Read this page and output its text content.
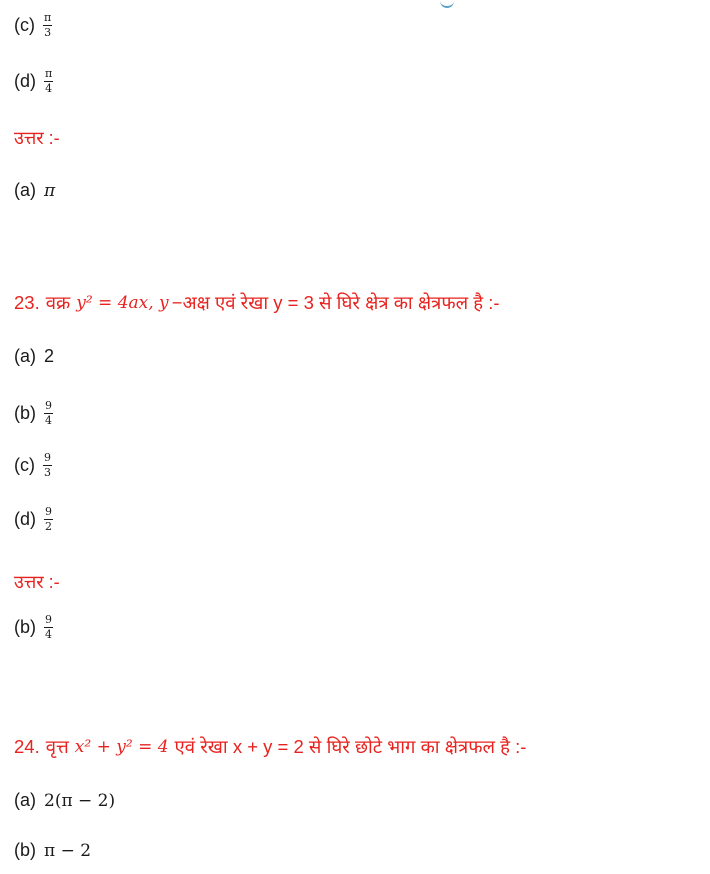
$(c) \frac{\pi}{3}$
$(d) \frac{\pi}{4}$
उत्तर :-
(a) π
23. वक्र y² = 4ax, y −अक्ष एवं रेखा y = 3 से घिरे क्षेत्र का क्षेत्रफल है :-
(a) 2
$(b) \frac{9}{4}$
$(c) \frac{9}{3}$
$(d) \frac{9}{2}$
उत्तर :-
$(b) \frac{9}{4}$
24. वृत्त x² + y² = 4 एवं रेखा x + y = 2 से घिरे छोटे भाग का क्षेत्रफल है :-
(a) 2(π − 2)
(b) π − 2
